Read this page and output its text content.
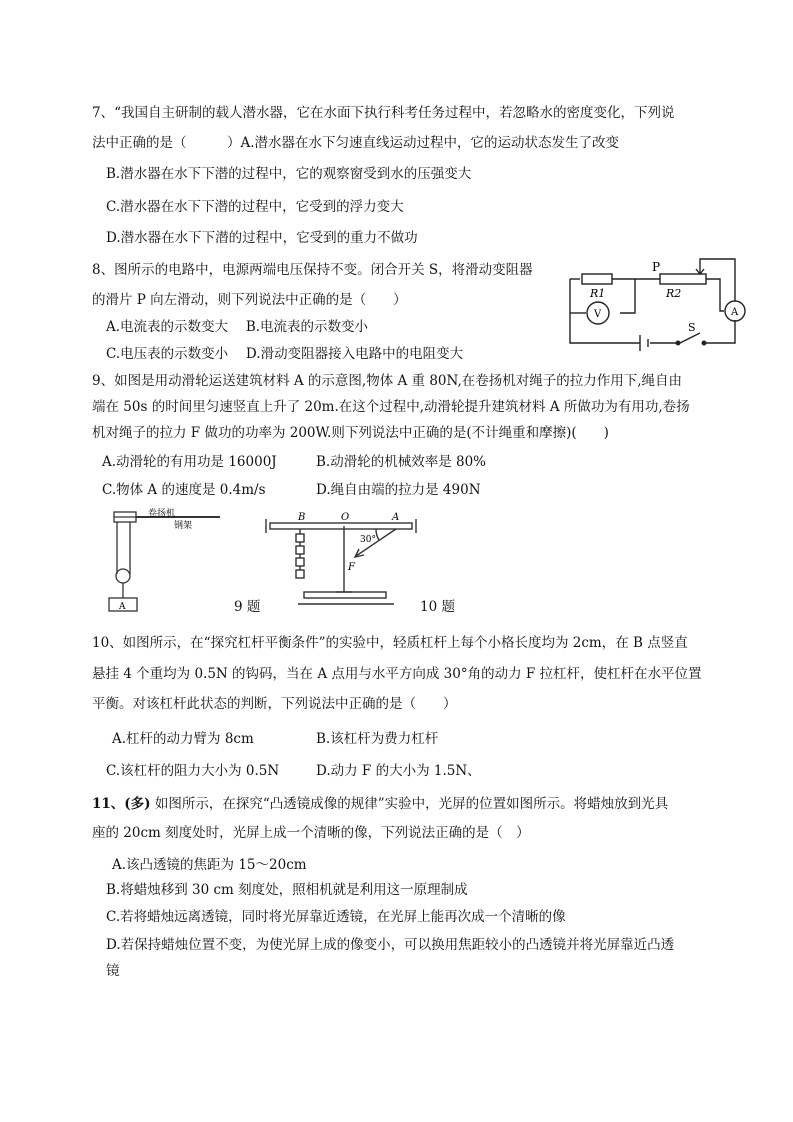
7、“我国自主研制的载人潜水器，它在水面下执行科考任务过程中，若忽略水的密度变化，下列说
法中正确的是（　　　）A.潜水器在水下匀速直线运动过程中，它的运动状态发生了改变
B.潜水器在水下下潜的过程中，它的观察窗受到水的压强变大
C.潜水器在水下下潜的过程中，它受到的浮力变大
D.潜水器在水下下潜的过程中，它受到的重力不做功
8、图所示的电路中，电源两端电压保持不变。闭合开关 S，将滑动变阻器
的滑片 P 向左滑动，则下列说法中正确的是（　　）
A.电流表的示数变大　 B.电流表的示数变小
C.电压表的示数变小　 D.滑动变阻器接入电路中的电阻变大
P
R1	R2
V	A
S
9、如图是用动滑轮运送建筑材料 A 的示意图,物体 A 重 80N,在卷扬机对绳子的拉力作用下,绳自由
端在 50s 的时间里匀速竖直上升了 20m.在这个过程中,动滑轮提升建筑材料 A 所做功为有用功,卷扬
机对绳子的拉力 F 做功的功率为 200W.则下列说法中正确的是(不计绳重和摩擦)(　　)
A.动滑轮的有用功是 16000J	B.动滑轮的机械效率是 80%
C.物体 A 的速度是 0.4m/s	D.绳自由端的拉力是 490N
卷扬机
钢架
A	9 题
B	O	A
30°
F
10 题
10、如图所示，在“探究杠杆平衡条件”的实验中，轻质杠杆上每个小格长度均为 2cm，在 B 点竖直
悬挂 4 个重均为 0.5N 的钩码，当在 A 点用与水平方向成 30°角的动力 F 拉杠杆，使杠杆在水平位置
平衡。对该杠杆此状态的判断，下列说法中正确的是（　　）
A.杠杆的动力臂为 8cm	B.该杠杆为费力杠杆
C.该杠杆的阻力大小为 0.5N	D.动力 F 的大小为 1.5N、
11、(多) 如图所示，在探究“凸透镜成像的规律”实验中，光屏的位置如图所示。将蜡烛放到光具
座的 20cm 刻度处时，光屏上成一个清晰的像，下列说法正确的是（　）
A.该凸透镜的焦距为 15～20cm
B.将蜡烛移到 30 cm 刻度处，照相机就是利用这一原理制成
C.若将蜡烛远离透镜，同时将光屏靠近透镜，在光屏上能再次成一个清晰的像
D.若保持蜡烛位置不变，为使光屏上成的像变小，可以换用焦距较小的凸透镜并将光屏靠近凸透
镜
